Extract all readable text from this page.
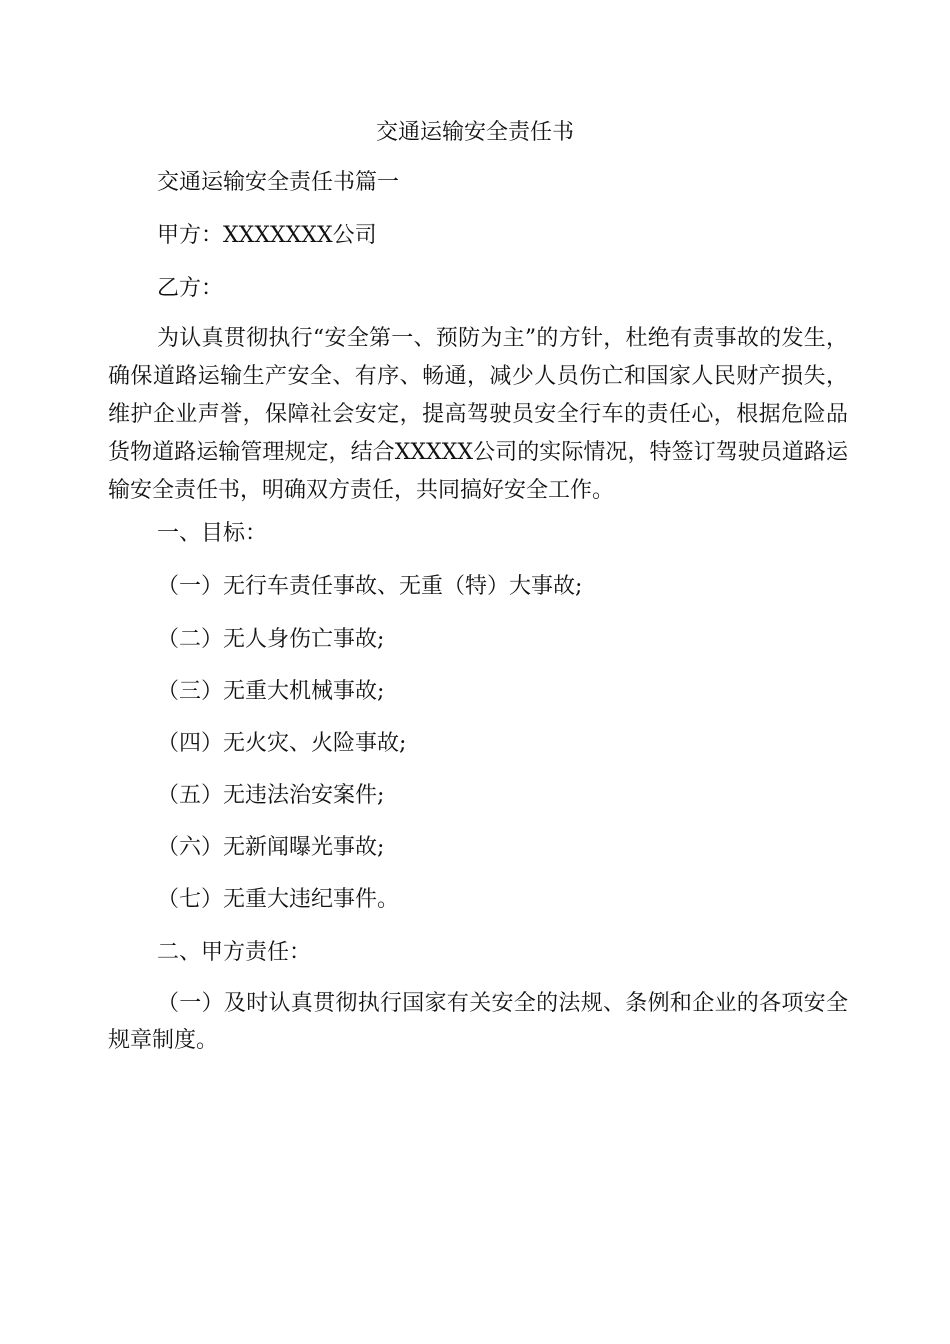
交通运输安全责任书
交通运输安全责任书篇一
甲方：XXXXXXX公司
乙方：
为认真贯彻执行“安全第一、预防为主”的方针，杜绝有责事故的发生，确保道路运输生产安全、有序、畅通，减少人员伤亡和国家人民财产损失，维护企业声誉，保障社会安定，提高驾驶员安全行车的责任心，根据危险品货物道路运输管理规定，结合XXXXX公司的实际情况，特签订驾驶员道路运输安全责任书，明确双方责任，共同搞好安全工作。
一、目标：
（一）无行车责任事故、无重（特）大事故;
（二）无人身伤亡事故;
（三）无重大机械事故;
（四）无火灾、火险事故;
（五）无违法治安案件;
（六）无新闻曝光事故;
（七）无重大违纪事件。
二、甲方责任：
（一）及时认真贯彻执行国家有关安全的法规、条例和企业的各项安全规章制度。
